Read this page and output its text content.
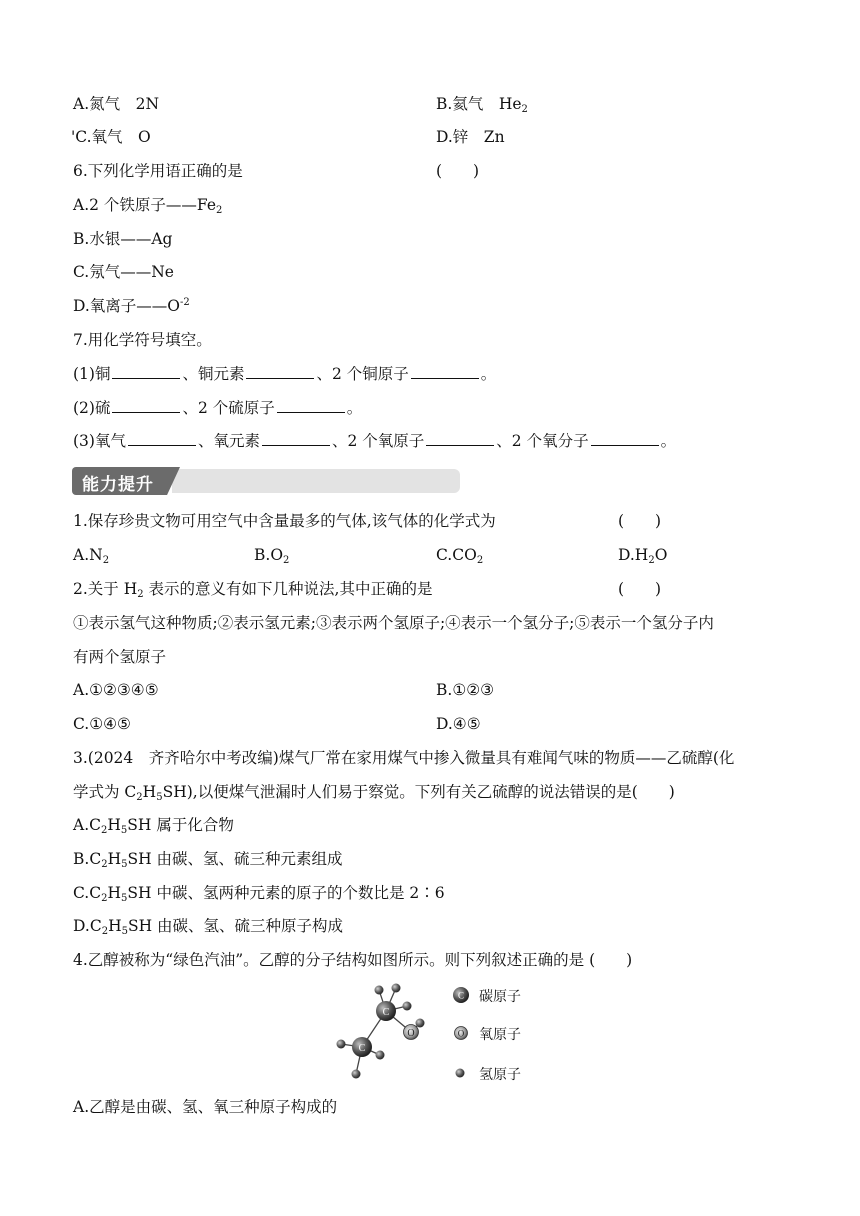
A.氮气　2N	B.氦气　$He_2$
'C.氧气　O	D.锌　Zn
6.下列化学用语正确的是	(　　)
A.2 个铁原子$——Fe_2$
B.水银——Ag
C.氖气——Ne
D.氧离子$——O^{-2}$
7.用化学符号填空。
(1)铜	、铜元素	、2 个铜原子	。
(2)硫	、2 个硫原子	。
(3)氧气	、氧元素	、2 个氧原子	、2 个氧分子	。
能力提升
1.保存珍贵文物可用空气中含量最多的气体,该气体的化学式为	(　　)
$A.N_2$	$B.O_2$	$C.CO_2$	$D.H_2O$
2.关于 $H_2$ 表示的意义有如下几种说法,其中正确的是	(　　)
①表示氢气这种物质;②表示氢元素;③表示两个氢原子;④表示一个氢分子;⑤表示一个氢分子内
有两个氢原子
A.①②③④⑤	B.①②③
C.①④⑤	D.④⑤
3.(2024　齐齐哈尔中考改编)煤气厂常在家用煤气中掺入微量具有难闻气味的物质——乙硫醇(化
学式为 $C_2H_5SH$),以便煤气泄漏时人们易于察觉。下列有关乙硫醇的说法错误的是(　　)
$A.C_2H_5SH$ 属于化合物
$B.C_2H_5SH$ 由碳、氢、硫三种元素组成
$C.C_2H_5SH$ 中碳、氢两种元素的原子的个数比是 2∶6
$D.C_2H_5SH$ 由碳、氢、硫三种原子构成
4.乙醇被称为“绿色汽油”。乙醇的分子结构如图所示。则下列叙述正确的是 (　　)
C
C
O
C 碳原子
O 氧原子
氢原子
A.乙醇是由碳、氢、氧三种原子构成的
